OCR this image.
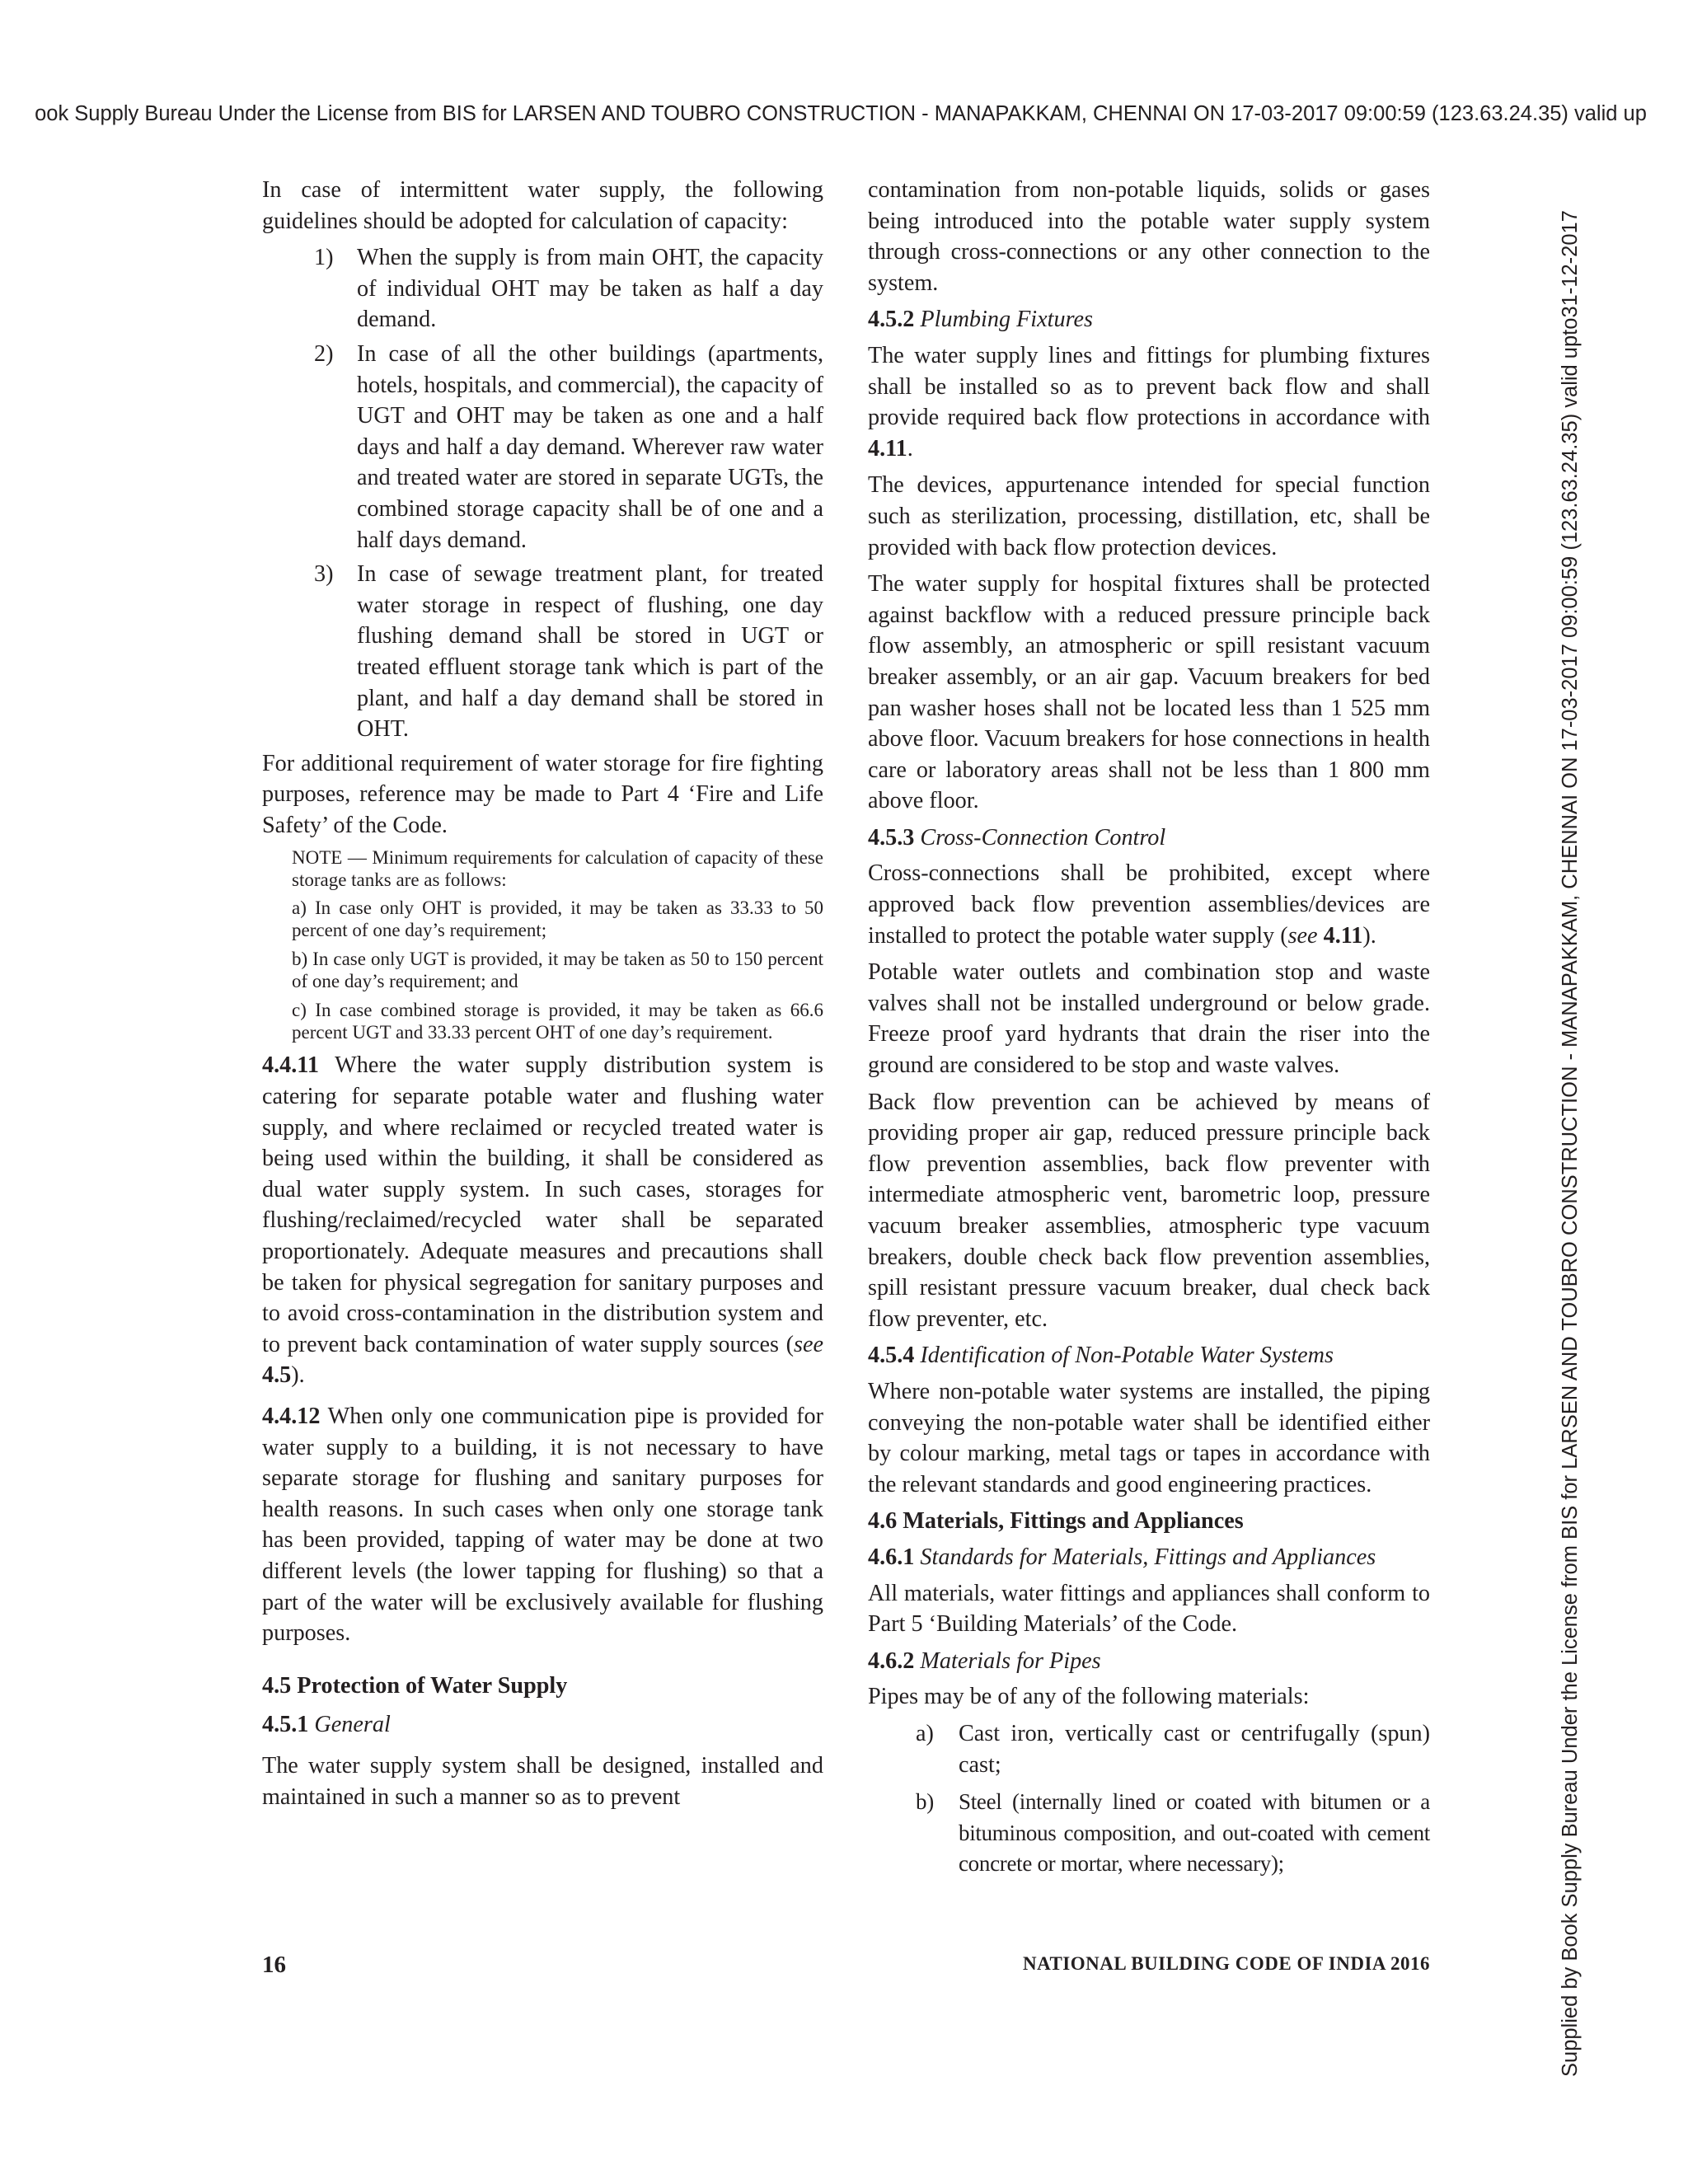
ook Supply Bureau Under the License from BIS for LARSEN AND TOUBRO CONSTRUCTION - MANAPAKKAM, CHENNAI ON 17-03-2017 09:00:59 (123.63.24.35) valid up
Supplied by Book Supply Bureau Under the License from BIS for LARSEN AND TOUBRO CONSTRUCTION - MANAPAKKAM, CHENNAI ON 17-03-2017 09:00:59 (123.63.24.35) valid upto31-12-2017

In case of intermittent water supply, the following guidelines should be adopted for calculation of capacity:

1)	When the supply is from main OHT, the capacity of individual OHT may be taken as half a day demand.
2)	In case of all the other buildings (apartments, hotels, hospitals, and commercial), the capacity of UGT and OHT may be taken as one and a half days and half a day demand. Wherever raw water and treated water are stored in separate UGTs, the combined storage capacity shall be of one and a half days demand.
3)	In case of sewage treatment plant, for treated water storage in respect of flushing, one day flushing demand shall be stored in UGT or treated effluent storage tank which is part of the plant, and half a day demand shall be stored in OHT.

For additional requirement of water storage for fire fighting purposes, reference may be made to Part 4 ‘Fire and Life Safety’ of the Code.

NOTE — Minimum requirements for calculation of capacity of these storage tanks are as follows:
a) In case only OHT is provided, it may be taken as 33.33 to 50 percent of one day’s requirement;
b) In case only UGT is provided, it may be taken as 50 to 150 percent of one day’s requirement; and
c) In case combined storage is provided, it may be taken as 66.6 percent UGT and 33.33 percent OHT of one day’s requirement.

4.4.11 Where the water supply distribution system is catering for separate potable water and flushing water supply, and where reclaimed or recycled treated water is being used within the building, it shall be considered as dual water supply system. In such cases, storages for flushing/reclaimed/recycled water shall be separated proportionately. Adequate measures and precautions shall be taken for physical segregation for sanitary purposes and to avoid cross-contamination in the distribution system and to prevent back contamination of water supply sources (see 4.5).

4.4.12 When only one communication pipe is provided for water supply to a building, it is not necessary to have separate storage for flushing and sanitary purposes for health reasons. In such cases when only one storage tank has been provided, tapping of water may be done at two different levels (the lower tapping for flushing) so that a part of the water will be exclusively available for flushing purposes.

4.5 Protection of Water Supply
4.5.1 General

The water supply system shall be designed, installed and maintained in such a manner so as to prevent

contamination from non-potable liquids, solids or gases being introduced into the potable water supply system through cross-connections or any other connection to the system.

4.5.2 Plumbing Fixtures

The water supply lines and fittings for plumbing fixtures shall be installed so as to prevent back flow and shall provide required back flow protections in accordance with 4.11.

The devices, appurtenance intended for special function such as sterilization, processing, distillation, etc, shall be provided with back flow protection devices.

The water supply for hospital fixtures shall be protected against backflow with a reduced pressure principle back flow assembly, an atmospheric or spill resistant vacuum breaker assembly, or an air gap. Vacuum breakers for bed pan washer hoses shall not be located less than 1 525 mm above floor. Vacuum breakers for hose connections in health care or laboratory areas shall not be less than 1 800 mm above floor.

4.5.3 Cross-Connection Control

Cross-connections shall be prohibited, except where approved back flow prevention assemblies/devices are installed to protect the potable water supply (see 4.11).

Potable water outlets and combination stop and waste valves shall not be installed underground or below grade. Freeze proof yard hydrants that drain the riser into the ground are considered to be stop and waste valves.

Back flow prevention can be achieved by means of providing proper air gap, reduced pressure principle back flow prevention assemblies, back flow preventer with intermediate atmospheric vent, barometric loop, pressure vacuum breaker assemblies, atmospheric type vacuum breakers, double check back flow prevention assemblies, spill resistant pressure vacuum breaker, dual check back flow preventer, etc.

4.5.4 Identification of Non-Potable Water Systems

Where non-potable water systems are installed, the piping conveying the non-potable water shall be identified either by colour marking, metal tags or tapes in accordance with the relevant standards and good engineering practices.

4.6 Materials, Fittings and Appliances
4.6.1 Standards for Materials, Fittings and Appliances

All materials, water fittings and appliances shall conform to Part 5 ‘Building Materials’ of the Code.

4.6.2 Materials for Pipes

Pipes may be of any of the following materials:

a)	Cast iron, vertically cast or centrifugally (spun) cast;
b)	Steel (internally lined or coated with bitumen or a bituminous composition, and out-coated with cement concrete or mortar, where necessary);
16	NATIONAL BUILDING CODE OF INDIA 2016
